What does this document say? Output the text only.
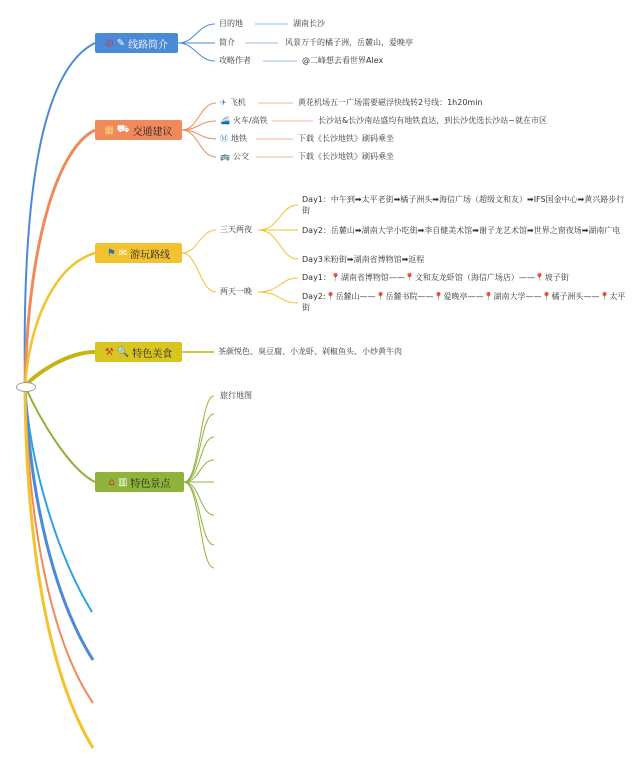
◎ ✎ 线路简介
目的地	湖南长沙
简介	风景万千的橘子洲，岳麓山，爱晚亭
攻略作者	@二峰想去看世界Alex
▦ ⛟ 交通建议
✈ 飞机	黄花机场五一广场需要磁浮快线转2号线：1h20min
🚄 火车/高铁	长沙站&长沙南站盛均有地铁直达，到长沙优选长沙站~就在市区
Ⓜ 地铁	下载《长沙地铁》刷码乘坐
🚌 公交	下载《长沙地铁》刷码乘坐
⚑ ✉ 游玩路线
三天两夜
Day1：中午到➡太平老街➡橘子洲头➡海信广场（超级文和友）➡IFS国金中心➡黄兴路步行街
Day2：岳麓山➡湖南大学小吃街➡李自健美术馆➡谢子龙艺术馆➡世界之窗夜场➡湖南广电
Day3米粉街➡湖南省博物馆➡返程
两天一晚
Day1：📍湖南省博物馆——📍文和友龙虾馆（海信广场店）——📍坡子街
Day2:📍岳麓山——📍岳麓书院——📍爱晚亭——📍湖南大学——📍橘子洲头——📍太平街
⚒ 🔍 特色美食	茶颜悦色、臭豆腐、小龙虾、剁椒鱼头、小炒黄牛肉
⌂ ▥ 特色景点
旅行地图
